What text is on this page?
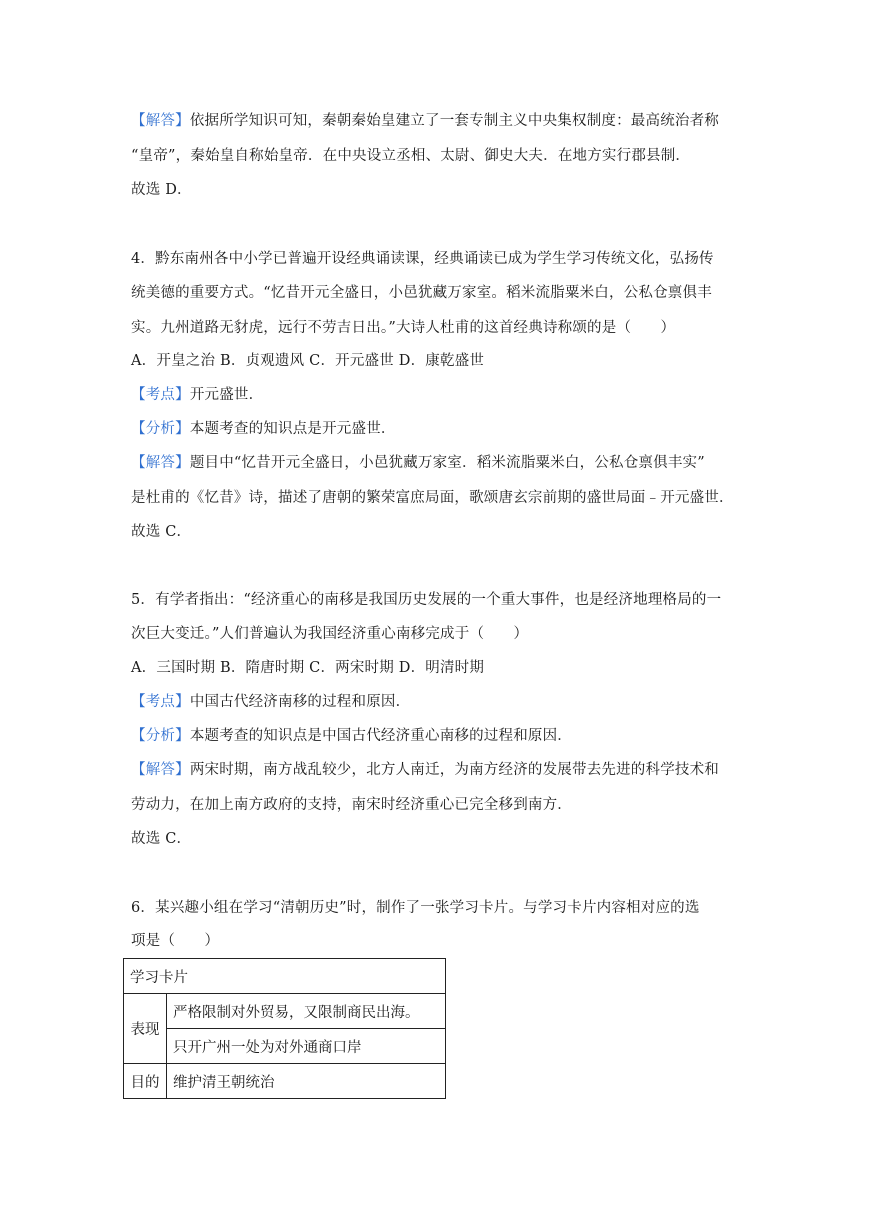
【解答】依据所学知识可知，秦朝秦始皇建立了一套专制主义中央集权制度：最高统治者称
“皇帝”，秦始皇自称始皇帝．在中央设立丞相、太尉、御史大夫．在地方实行郡县制．
故选 D．
4．黔东南州各中小学已普遍开设经典诵读课，经典诵读已成为学生学习传统文化，弘扬传
统美德的重要方式。“忆昔开元全盛日，小邑犹藏万家室。稻米流脂粟米白，公私仓禀俱丰
实。九州道路无豺虎，远行不劳吉日出。”大诗人杜甫的这首经典诗称颂的是（　　）
A．开皇之治 B．贞观遗风 C．开元盛世 D．康乾盛世
【考点】开元盛世．
【分析】本题考查的知识点是开元盛世．
【解答】题目中“忆昔开元全盛日，小邑犹藏万家室．稻米流脂粟米白，公私仓禀俱丰实”
是杜甫的《忆昔》诗，描述了唐朝的繁荣富庶局面，歌颂唐玄宗前期的盛世局面﹣开元盛世．
故选 C．
5．有学者指出：“经济重心的南移是我国历史发展的一个重大事件，也是经济地理格局的一
次巨大变迁。”人们普遍认为我国经济重心南移完成于（　　）
A．三国时期 B．隋唐时期 C．两宋时期 D．明清时期
【考点】中国古代经济南移的过程和原因．
【分析】本题考查的知识点是中国古代经济重心南移的过程和原因．
【解答】两宋时期，南方战乱较少，北方人南迁，为南方经济的发展带去先进的科学技术和
劳动力，在加上南方政府的支持，南宋时经济重心已完全移到南方．
故选 C．
6．某兴趣小组在学习“清朝历史”时，制作了一张学习卡片。与学习卡片内容相对应的选
项是（　　）
学习卡片	
表现	严格限制对外贸易，又限制商民出海。
	只开广州一处为对外通商口岸
目的	维护清王朝统治
